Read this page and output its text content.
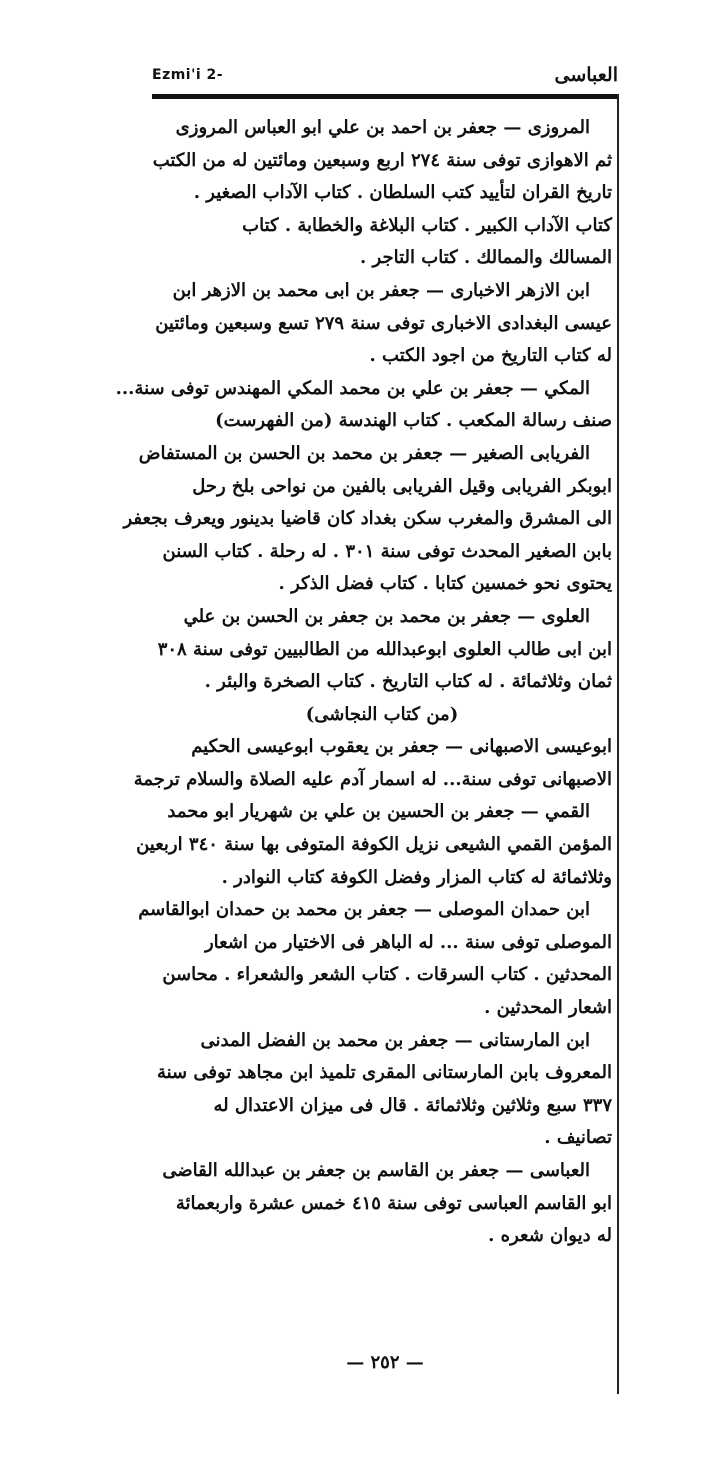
العباسى
Ezmi'i 2-
المروزى — جعفر بن احمد بن علي ابو العباس المروزى
ثم الاهوازى توفى سنة ٢٧٤ اربع وسبعين ومائتين له من الكتب
تاريخ القران لتأييد كتب السلطان . كتاب الآداب الصغير .
كتاب الآداب الكبير . كتاب البلاغة والخطابة . كتاب
المسالك والممالك . كتاب التاجر .
ابن الازهر الاخبارى — جعفر بن ابى محمد بن الازهر ابن
عيسى البغدادى الاخبارى توفى سنة ٢٧٩ تسع وسبعين ومائتين
له كتاب التاريخ من اجود الكتب .
المكي — جعفر بن علي بن محمد المكي المهندس توفى سنة...
صنف رسالة المكعب . كتاب الهندسة (من الفهرست)
الفريابى الصغير — جعفر بن محمد بن الحسن بن المستفاض
ابوبكر الفريابى وقيل الفريابى بالفين من نواحى بلخ رحل
الى المشرق والمغرب سكن بغداد كان قاضيا بدينور ويعرف بجعفر
بابن الصغير المحدث توفى سنة ٣٠١ . له رحلة . كتاب السنن
يحتوى نحو خمسين كتابا . كتاب فضل الذكر .
العلوى — جعفر بن محمد بن جعفر بن الحسن بن علي
ابن ابى طالب العلوى ابوعبدالله من الطالبيين توفى سنة ٣٠٨
ثمان وثلاثمائة . له كتاب التاريخ . كتاب الصخرة والبئر .
(من كتاب النجاشى)
ابوعيسى الاصبهانى — جعفر بن يعقوب ابوعيسى الحكيم
الاصبهانى توفى سنة... له اسمار آدم عليه الصلاة والسلام ترجمة
القمي — جعفر بن الحسين بن علي بن شهريار ابو محمد
المؤمن القمي الشيعى نزيل الكوفة المتوفى بها سنة ٣٤٠ اربعين
وثلاثمائة له كتاب المزار وفضل الكوفة كتاب النوادر .
ابن حمدان الموصلى — جعفر بن محمد بن حمدان ابوالقاسم
الموصلى توفى سنة ... له الباهر فى الاختيار من اشعار
المحدثين . كتاب السرقات . كتاب الشعر والشعراء . محاسن
اشعار المحدثين .
ابن المارستانى — جعفر بن محمد بن الفضل المدنى
المعروف بابن المارستانى المقرى تلميذ ابن مجاهد توفى سنة
٣٣٧ سبع وثلاثين وثلاثمائة . قال فى ميزان الاعتدال له
تصانيف .
العباسى — جعفر بن القاسم بن جعفر بن عبدالله القاضى
ابو القاسم العباسى توفى سنة ٤١٥ خمس عشرة واربعمائة
له ديوان شعره .
— ٢٥٢ —
